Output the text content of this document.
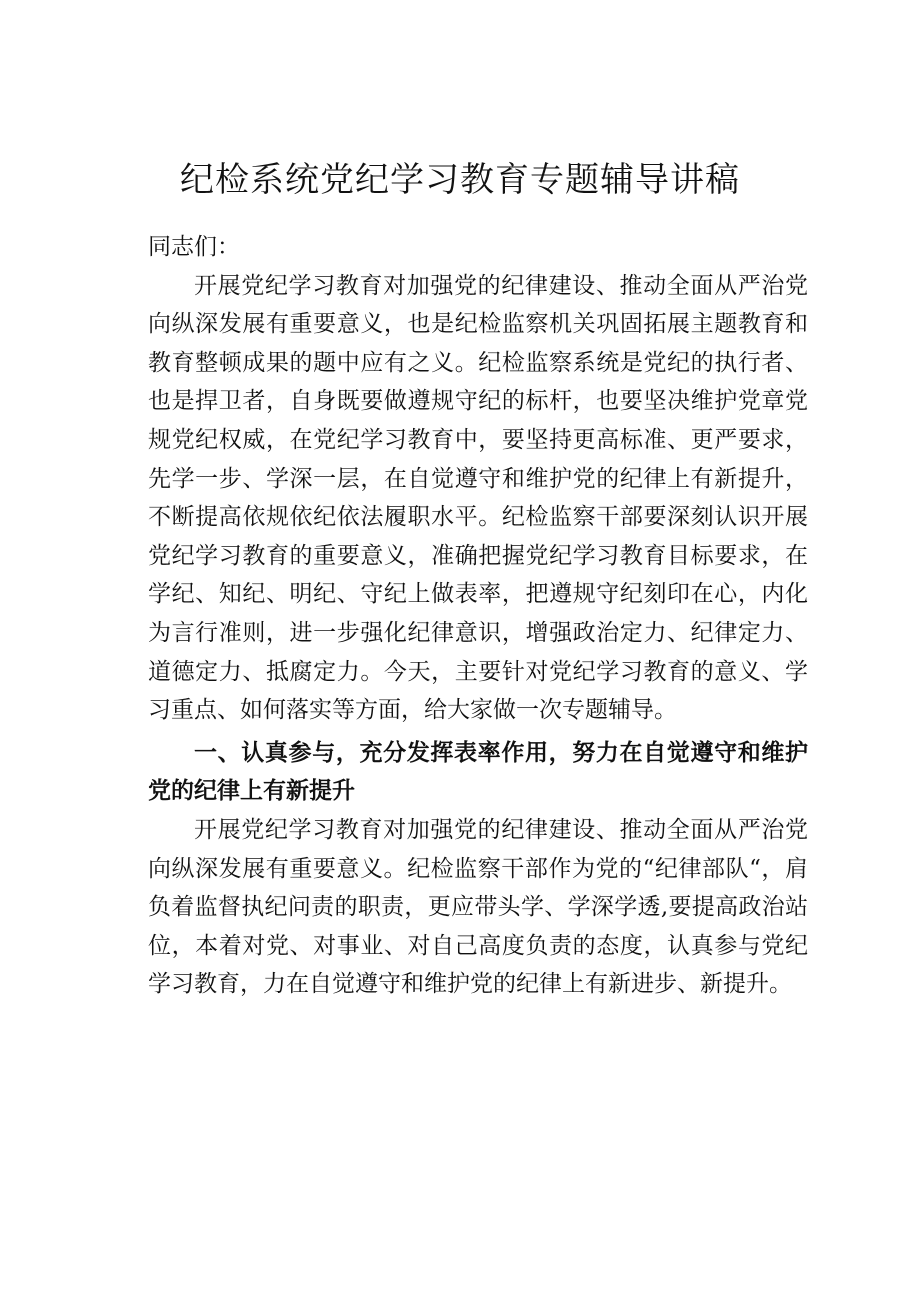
纪检系统党纪学习教育专题辅导讲稿

同志们：

开展党纪学习教育对加强党的纪律建设、推动全面从严治党向纵深发展有重要意义，也是纪检监察机关巩固拓展主题教育和教育整顿成果的题中应有之义。纪检监察系统是党纪的执行者、也是捍卫者，自身既要做遵规守纪的标杆，也要坚决维护党章党规党纪权威，在党纪学习教育中，要坚持更高标准、更严要求，先学一步、学深一层，在自觉遵守和维护党的纪律上有新提升，不断提高依规依纪依法履职水平。纪检监察干部要深刻认识开展党纪学习教育的重要意义，准确把握党纪学习教育目标要求，在学纪、知纪、明纪、守纪上做表率，把遵规守纪刻印在心，内化为言行准则，进一步强化纪律意识，增强政治定力、纪律定力、道德定力、抵腐定力。今天，主要针对党纪学习教育的意义、学习重点、如何落实等方面，给大家做一次专题辅导。

一、认真参与，充分发挥表率作用，努力在自觉遵守和维护党的纪律上有新提升

开展党纪学习教育对加强党的纪律建设、推动全面从严治党向纵深发展有重要意义。纪检监察干部作为党的“纪律部队“，肩负着监督执纪问责的职责，更应带头学、学深学透,要提高政治站位，本着对党、对事业、对自己高度负责的态度，认真参与党纪学习教育，力在自觉遵守和维护党的纪律上有新进步、新提升。
